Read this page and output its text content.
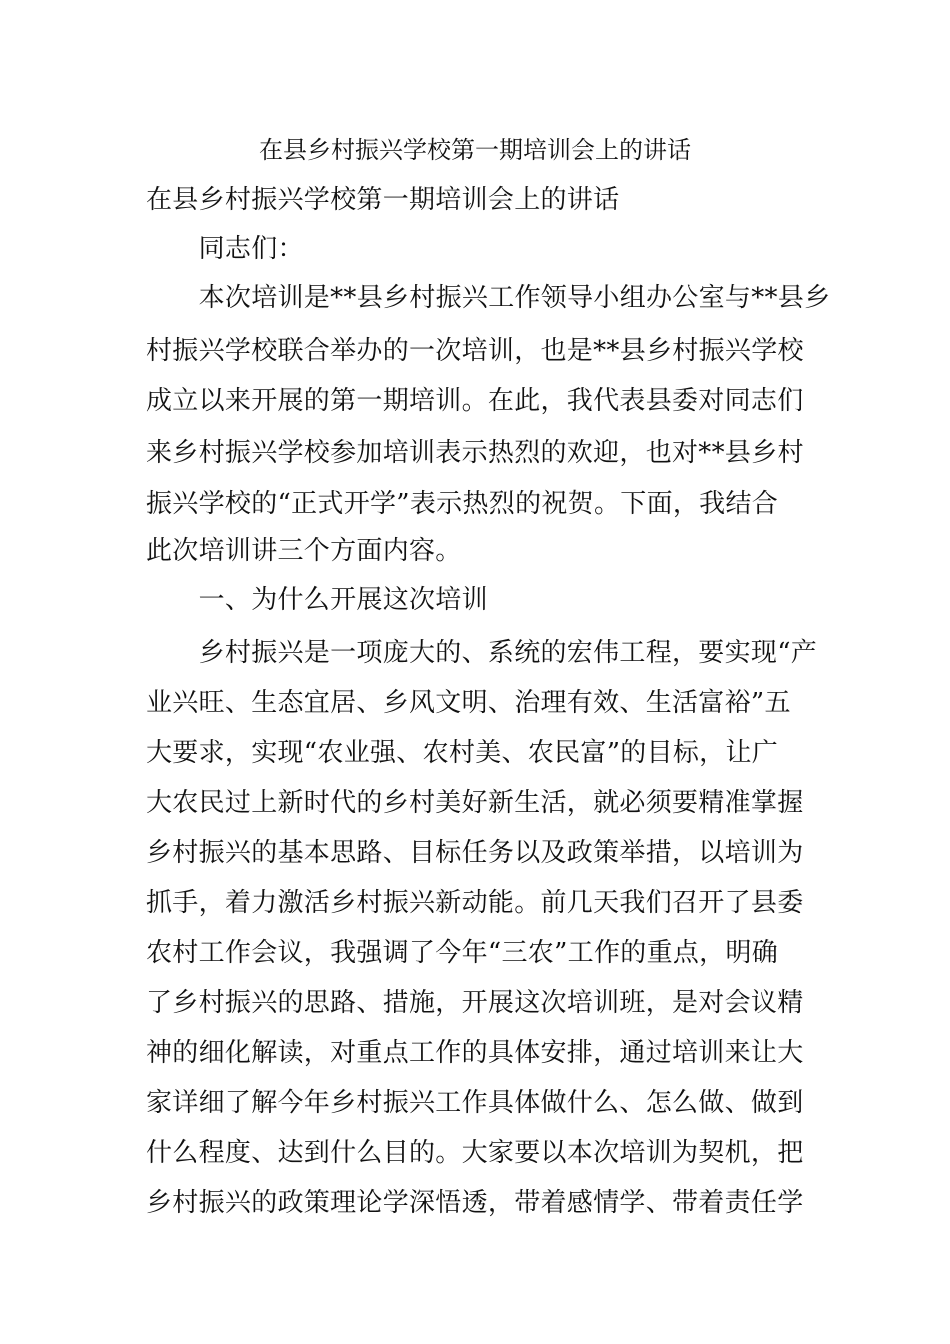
在县乡村振兴学校第一期培训会上的讲话
在县乡村振兴学校第一期培训会上的讲话
　　同志们：
　　本次培训是**县乡村振兴工作领导小组办公室与**县乡
村振兴学校联合举办的一次培训，也是**县乡村振兴学校
成立以来开展的第一期培训。在此，我代表县委对同志们
来乡村振兴学校参加培训表示热烈的欢迎，也对**县乡村
振兴学校的“正式开学”表示热烈的祝贺。下面，我结合
此次培训讲三个方面内容。
　　一、为什么开展这次培训
　　乡村振兴是一项庞大的、系统的宏伟工程，要实现“产
业兴旺、生态宜居、乡风文明、治理有效、生活富裕”五
大要求，实现“农业强、农村美、农民富”的目标，让广
大农民过上新时代的乡村美好新生活，就必须要精准掌握
乡村振兴的基本思路、目标任务以及政策举措，以培训为
抓手，着力激活乡村振兴新动能。前几天我们召开了县委
农村工作会议，我强调了今年“三农”工作的重点，明确
了乡村振兴的思路、措施，开展这次培训班，是对会议精
神的细化解读，对重点工作的具体安排，通过培训来让大
家详细了解今年乡村振兴工作具体做什么、怎么做、做到
什么程度、达到什么目的。大家要以本次培训为契机，把
乡村振兴的政策理论学深悟透，带着感情学、带着责任学
